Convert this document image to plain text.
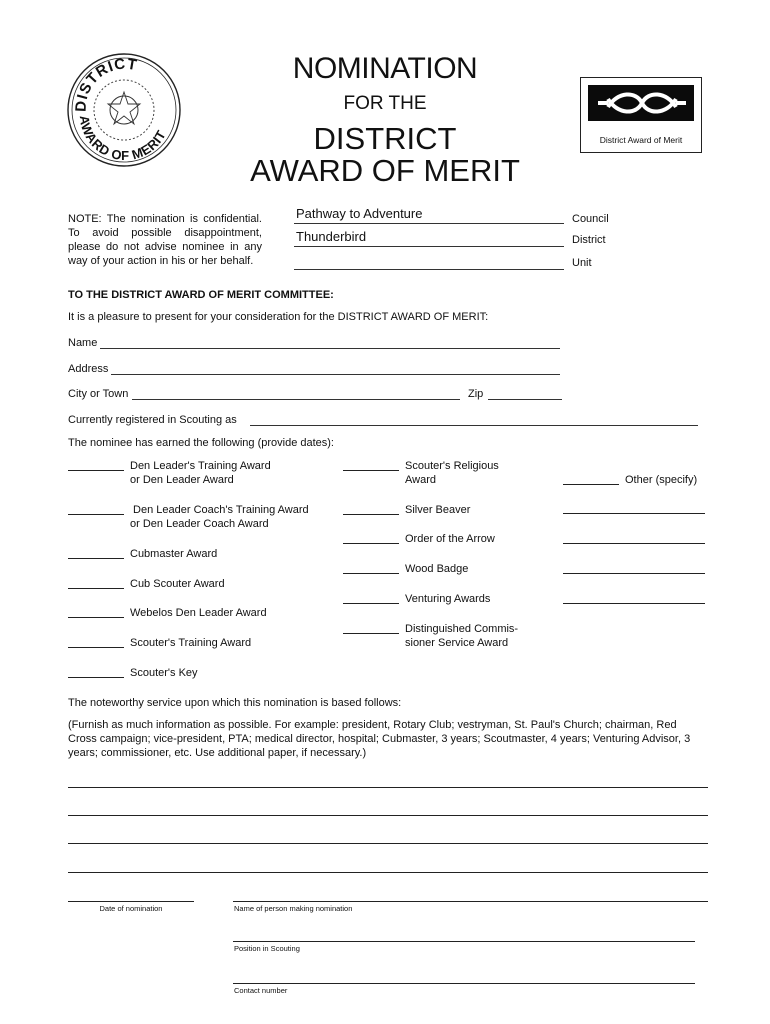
DISTRICT
AWARD OF MERIT
NOMINATION
FOR THE
DISTRICT
AWARD OF MERIT
District Award of Merit
NOTE: The nomination is confidential. To avoid possible disappointment, please do not advise nominee in any way of your action in his or her behalf.
Pathway to Adventure
Council
Thunderbird
District
Unit
TO THE DISTRICT AWARD OF MERIT COMMITTEE:
It is a pleasure to present for your consideration for the DISTRICT AWARD OF MERIT:
Name
Address
City or Town	Zip
Currently registered in Scouting as
The nominee has earned the following (provide dates):
Den Leader's Training Award
or Den Leader Award
Den Leader Coach's Training Award
or Den Leader Coach Award
Cubmaster Award
Cub Scouter Award
Webelos Den Leader Award
Scouter's Training Award
Scouter's Key
Scouter's Religious
Award
Silver Beaver
Order of the Arrow
Wood Badge
Venturing Awards
Distinguished Commis-
sioner Service Award
Other (specify)
The noteworthy service upon which this nomination is based follows:
(Furnish as much information as possible. For example: president, Rotary Club; vestryman, St. Paul's Church; chairman, Red Cross campaign; vice-president, PTA; medical director, hospital; Cubmaster, 3 years; Scoutmaster, 4 years; Venturing Advisor, 3 years; commissioner, etc. Use additional paper, if necessary.)
Date of nomination	Name of person making nomination
Position in Scouting
Contact number
